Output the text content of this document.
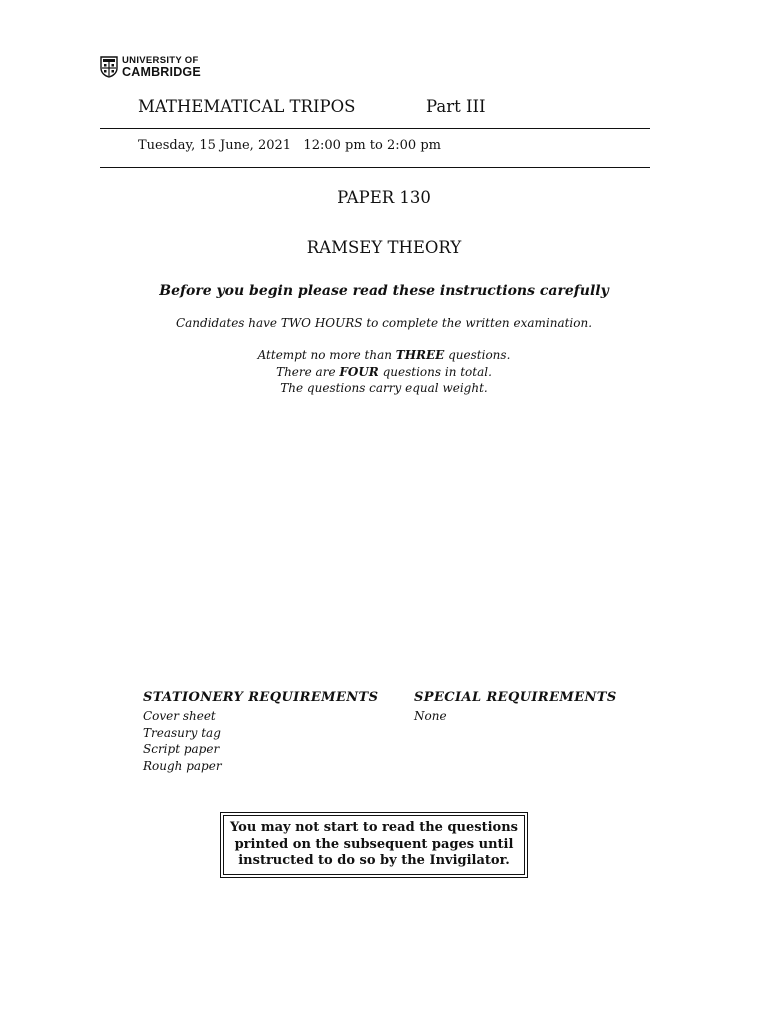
UNIVERSITY OF
CAMBRIDGE
MATHEMATICAL TRIPOS	Part III
Tuesday, 15 June, 2021   12:00 pm to 2:00 pm
PAPER 130
RAMSEY THEORY
Before you begin please read these instructions carefully
Candidates have TWO HOURS to complete the written examination.
Attempt no more than THREE questions.
There are FOUR questions in total.
The questions carry equal weight.
STATIONERY REQUIREMENTS	SPECIAL REQUIREMENTS
Cover sheet
Treasury tag
Script paper
Rough paper
None
You may not start to read the questions
printed on the subsequent pages until
instructed to do so by the Invigilator.
